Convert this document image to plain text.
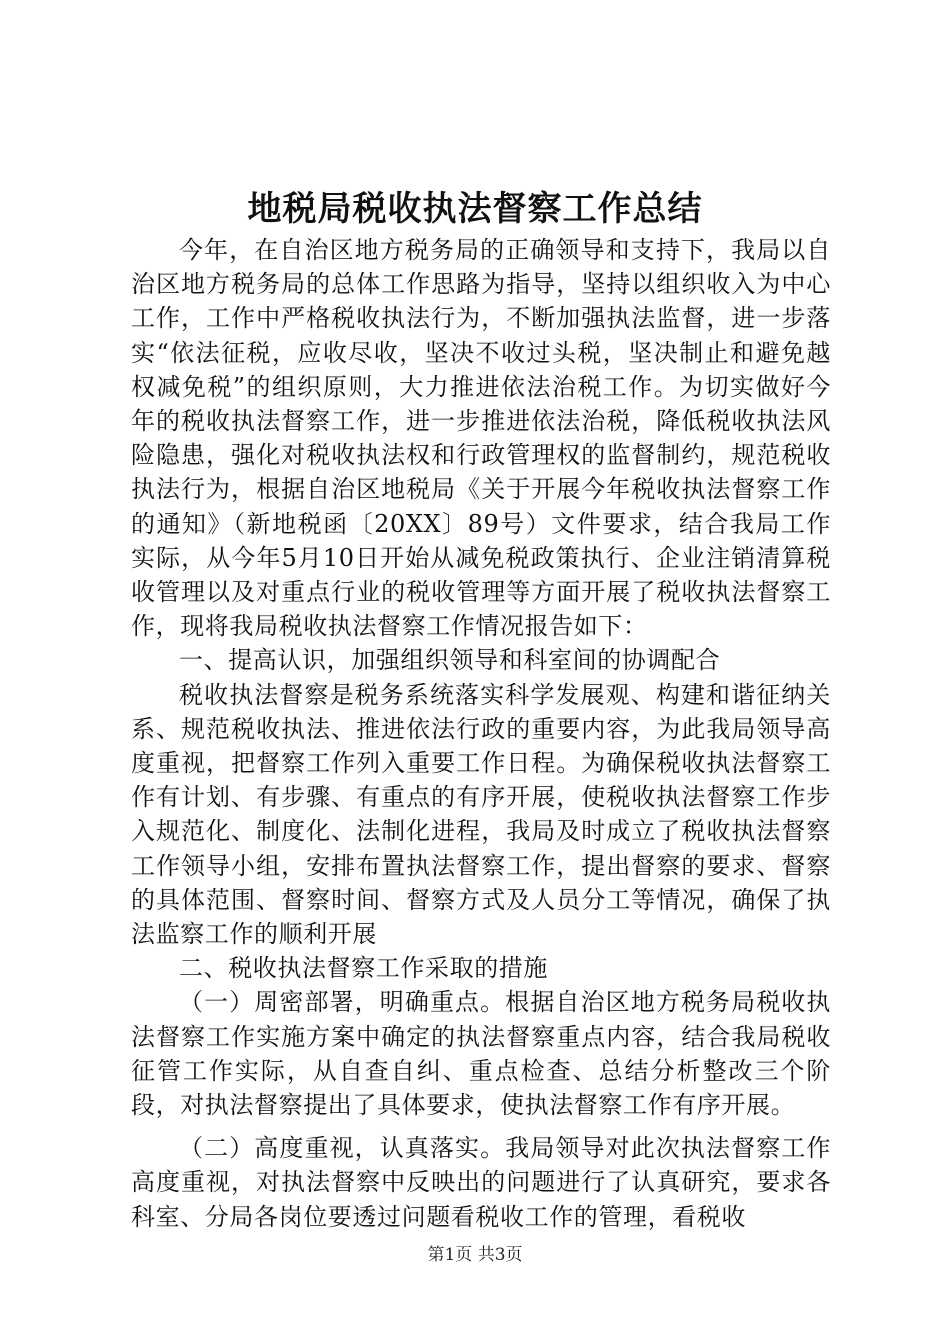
地税局税收执法督察工作总结

今年，在自治区地方税务局的正确领导和支持下，我局以自治区地方税务局的总体工作思路为指导，坚持以组织收入为中心工作，工作中严格税收执法行为，不断加强执法监督，进一步落实“依法征税，应收尽收，坚决不收过头税，坚决制止和避免越权减免税”的组织原则，大力推进依法治税工作。为切实做好今年的税收执法督察工作，进一步推进依法治税，降低税收执法风险隐患，强化对税收执法权和行政管理权的监督制约，规范税收执法行为，根据自治区地税局《关于开展今年税收执法督察工作的通知》（新地税函〔20XX〕89号）文件要求，结合我局工作实际，从今年5月10日开始从减免税政策执行、企业注销清算税收管理以及对重点行业的税收管理等方面开展了税收执法督察工作，现将我局税收执法督察工作情况报告如下：

一、提高认识，加强组织领导和科室间的协调配合

税收执法督察是税务系统落实科学发展观、构建和谐征纳关系、规范税收执法、推进依法行政的重要内容，为此我局领导高度重视，把督察工作列入重要工作日程。为确保税收执法督察工作有计划、有步骤、有重点的有序开展，使税收执法督察工作步入规范化、制度化、法制化进程，我局及时成立了税收执法督察工作领导小组，安排布置执法督察工作，提出督察的要求、督察的具体范围、督察时间、督察方式及人员分工等情况，确保了执法监察工作的顺利开展

二、税收执法督察工作采取的措施

（一）周密部署，明确重点。根据自治区地方税务局税收执法督察工作实施方案中确定的执法督察重点内容，结合我局税收征管工作实际，从自查自纠、重点检查、总结分析整改三个阶段，对执法督察提出了具体要求，使执法督察工作有序开展。

（二）高度重视，认真落实。我局领导对此次执法督察工作高度重视，对执法督察中反映出的问题进行了认真研究，要求各科室、分局各岗位要透过问题看税收工作的管理，看税收

第1页 共3页
